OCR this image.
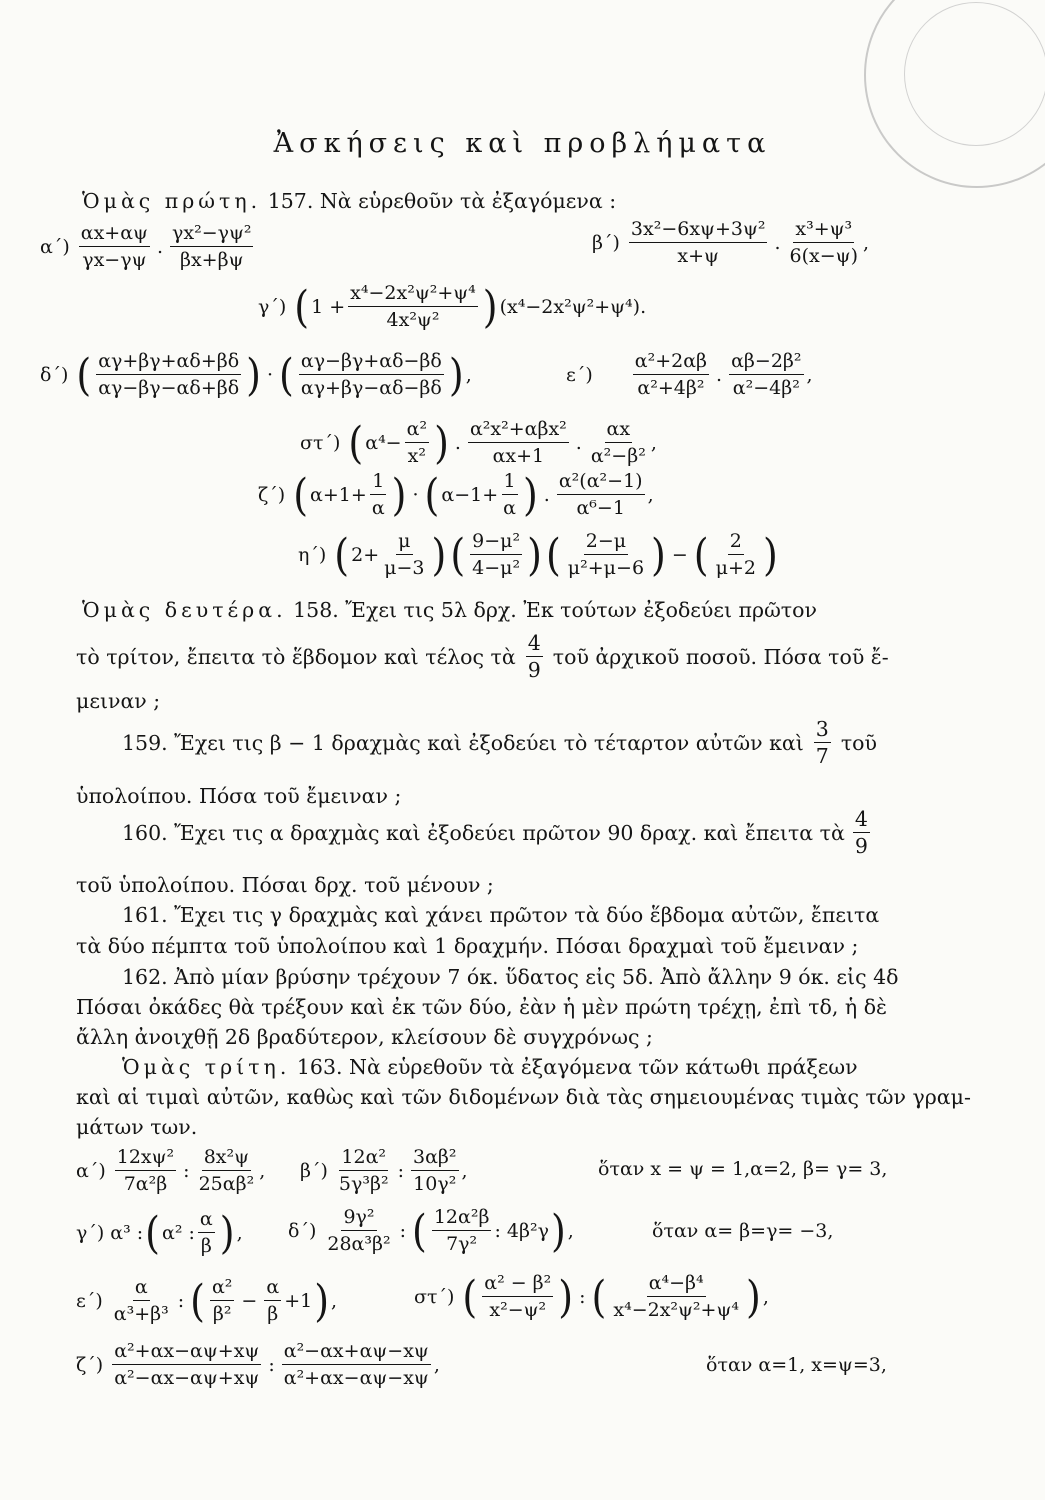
Ἀσκήσεις καὶ προβλήματα
Ὁμὰς πρώτη. 157. Νὰ εὑρεθοῦν τὰ ἐξαγόμενα :
$\alpha΄) \frac{\alpha x+\alpha\psi}{\gamma x-\gamma\psi}$ . $\frac{\text{γx²−γψ²}}{\beta x+\beta\psi}$	$\beta΄) \frac{\text{3x²−6xψ+3ψ²}}{x+\psi}$ . $\frac{\text{x³+ψ³}}{6(x-\psi)}$ ,
γ΄) ( $1 + \frac{\text{x⁴−2x²ψ²+ψ⁴}}{\text{4x²ψ²}}$ ) (x⁴−2x²ψ²+ψ⁴).
δ΄) ( $\frac{\alpha\gamma+\beta\gamma+\alpha\delta+\beta\delta}{\alpha\gamma-\beta\gamma-\alpha\delta+\beta\delta}$ ) · ( $\frac{\alpha\gamma-\beta\gamma+\alpha\delta-\beta\delta}{\alpha\gamma+\beta\gamma-\alpha\delta-\beta\delta}$ ) ,	$\varepsilon΄) \frac{\text{α²+2αβ}}{\text{α²+4β²}}$ . $\frac{\text{αβ−2β²}}{\text{α²−4β²}}$ ,
στ΄) ( $\alpha^4- \frac{\text{α²}}{\text{x²}}$ ) . $\frac{\text{α²x²+αβx²}}{\alpha x+1}$ . $\frac{\alpha x}{\text{α²−β²}}$ ,
ζ΄) ( $\alpha+1+ \frac{1}{\alpha}$ ) · ( $\alpha-1+ \frac{1}{\alpha}$ ) . $\frac{\text{α²(α²−1)}}{\text{α⁶−1}}$ ,
η΄) ( $2+ \frac{\mu}{\mu-3}$ ) ( $\frac{\text{9−μ²}}{\text{4−μ²}}$ ) ( $\frac{2-\mu}{\text{μ²+μ−6}}$ ) − ( $\frac{2}{\mu+2}$ )
Ὁμὰς δευτέρα. 158. Ἔχει τις 5λ δρχ. Ἐκ τούτων ἐξοδεύει πρῶτον
τὸ τρίτον, ἔπειτα τὸ ἕβδομον καὶ τέλος τὰ $\frac{4}{9}$ τοῦ ἀρχικοῦ ποσοῦ. Πόσα τοῦ ἔ-
μειναν ;
159. Ἔχει τις β − 1 δραχμὰς καὶ ἐξοδεύει τὸ τέταρτον αὐτῶν καὶ $\frac{3}{7}$ τοῦ
ὑπολοίπου. Πόσα τοῦ ἔμειναν ;
160. Ἔχει τις α δραχμὰς καὶ ἐξοδεύει πρῶτον 90 δραχ. καὶ ἔπειτα τὰ $\frac{4}{9}$
τοῦ ὑπολοίπου. Πόσαι δρχ. τοῦ μένουν ;
161. Ἔχει τις γ δραχμὰς καὶ χάνει πρῶτον τὰ δύο ἕβδομα αὐτῶν, ἔπειτα
τὰ δύο πέμπτα τοῦ ὑπολοίπου καὶ 1 δραχμήν. Πόσαι δραχμαὶ τοῦ ἔμειναν ;
162. Ἀπὸ μίαν βρύσην τρέχουν 7 όκ. ὕδατος εἰς 5δ. Ἀπὸ ἄλλην 9 όκ. εἰς 4δ
Πόσαι ὀκάδες θὰ τρέξουν καὶ ἐκ τῶν δύο, ἐὰν ἡ μὲν πρώτη τρέχῃ, ἐπὶ τδ, ἡ δὲ
ἄλλη ἀνοιχθῇ 2δ βραδύτερον, κλείσουν δὲ συγχρόνως ;
Ὁμὰς τρίτη. 163. Νὰ εὑρεθοῦν τὰ ἐξαγόμενα τῶν κάτωθι πράξεων
καὶ αἱ τιμαὶ αὐτῶν, καθὼς καὶ τῶν διδομένων διὰ τὰς σημειουμένας τιμὰς τῶν γραμ-
μάτων των.
$\alpha΄) \frac{\text{12xψ²}}{\text{7α²β}}$ : $\frac{\text{8x²ψ}}{\text{25αβ²}}$ , $\beta΄) \frac{\text{12α²}}{\text{5γ³β²}}$ : $\frac{\text{3αβ²}}{\text{10γ²}}$ ,	ὅταν x = ψ = 1,α=2, β= γ= 3,
γ΄) α³ : ( α² : $\frac{\alpha}{\beta}$ ) , $\delta΄) \frac{\text{9γ²}}{\text{28α³β²}}$ : ( $\frac{\text{12α²β}}{\text{7γ²}}$ : 4β²γ ) ,	ὅταν α= β=γ= −3,
$\varepsilon΄) \frac{\alpha}{\text{α³+β³}}$ : ( $\frac{\text{α²}}{\text{β²}} - \frac{\alpha}{\beta} +1$ ) ,	στ΄) ( $\frac{\text{α² − β²}}{\text{x²−ψ²}}$ ) : ( $\frac{\text{α⁴−β⁴}}{\text{x⁴−2x²ψ²+ψ⁴}}$ ) ,
$\zeta΄) \frac{\text{α²+αx−αψ+xψ}}{\text{α²−αx−αψ+xψ}}$ : $\frac{\text{α²−αx+αψ−xψ}}{\text{α²+αx−αψ−xψ}}$ ,	ὅταν α=1, x=ψ=3,
